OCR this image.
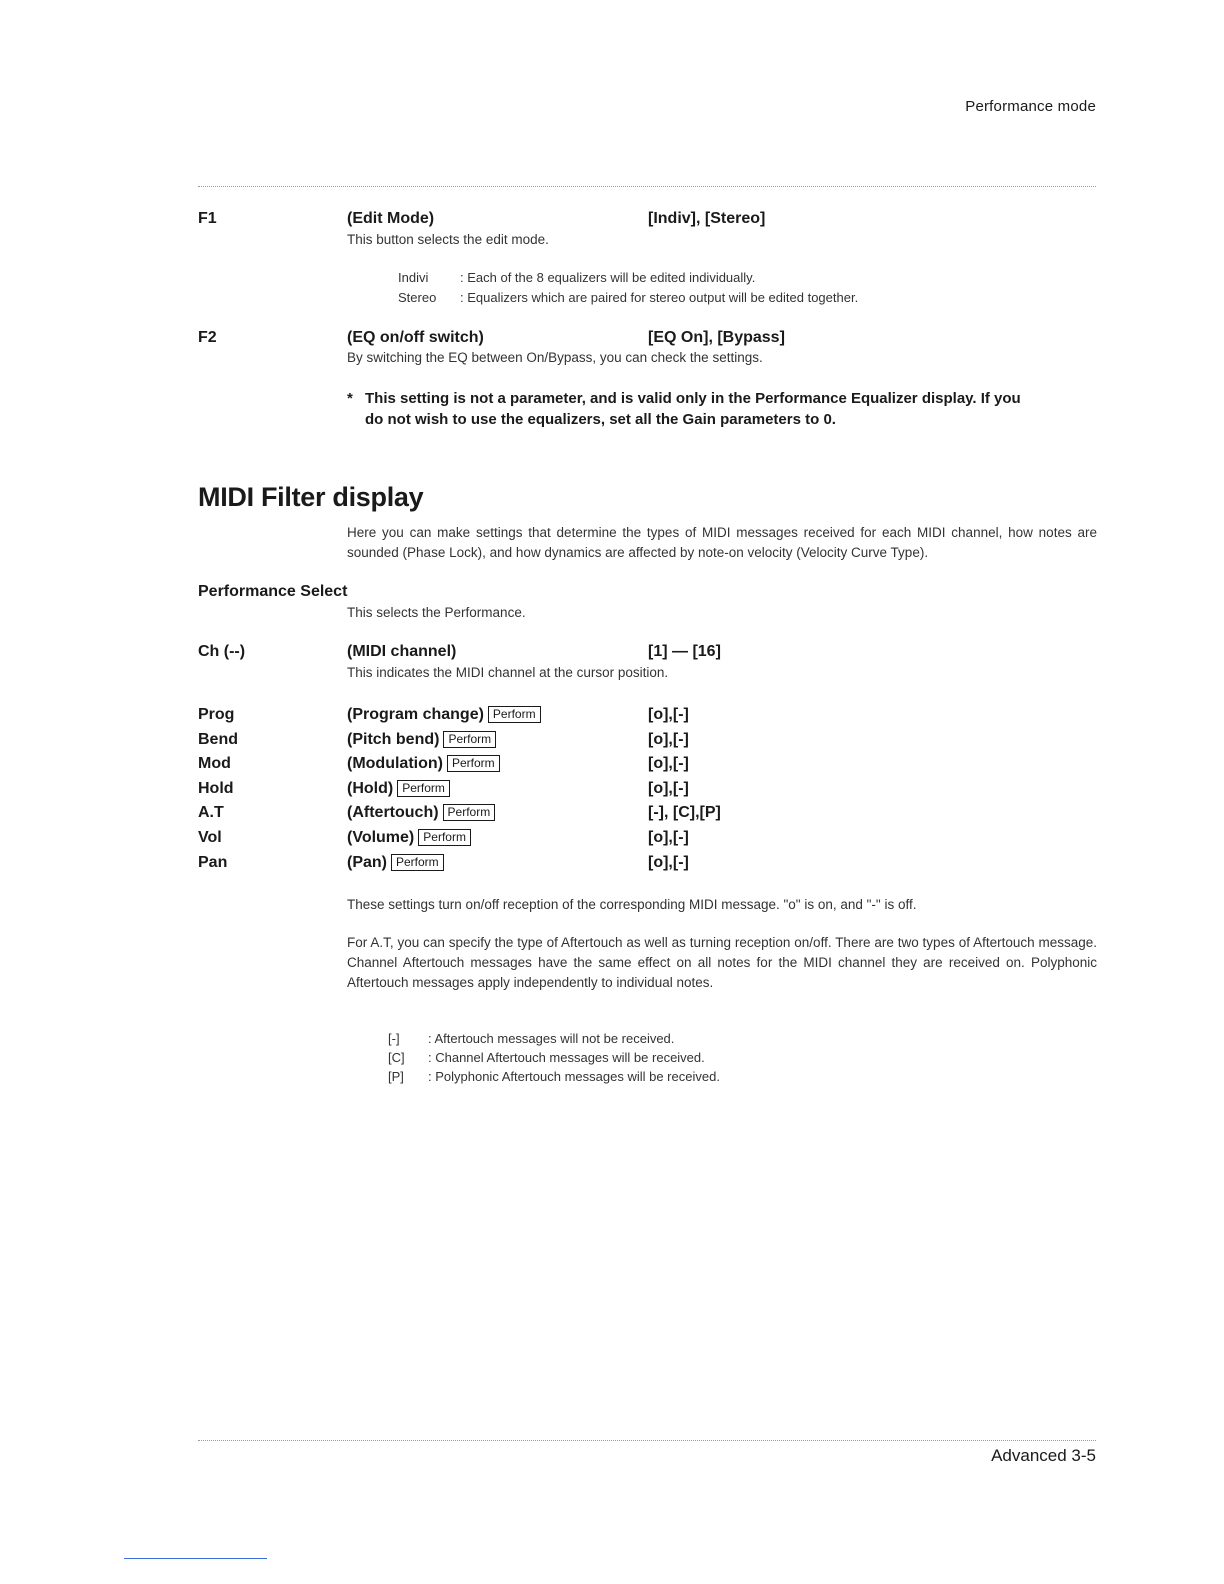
Performance mode
F1	(Edit Mode)	[Indiv], [Stereo]
This button selects the edit mode.
Indivi : Each of the 8 equalizers will be edited individually.
Stereo : Equalizers which are paired for stereo output will be edited together.
F2	(EQ on/off switch)	[EQ On], [Bypass]
By switching the EQ between On/Bypass, you can check the settings.
* This setting is not a parameter, and is valid only in the Performance Equalizer display. If you
do not wish to use the equalizers, set all the Gain parameters to 0.
MIDI Filter display
Here you can make settings that determine the types of MIDI messages received for each MIDI channel, how notes are sounded (Phase Lock), and how dynamics are affected by note-on velocity (Velocity Curve Type).
Performance Select
This selects the Performance.
Ch (--)	(MIDI channel)	[1] — [16]
This indicates the MIDI channel at the cursor position.
Prog	(Program change) Perform	[o],[-]
Bend	(Pitch bend) Perform	[o],[-]
Mod	(Modulation) Perform	[o],[-]
Hold	(Hold) Perform	[o],[-]
A.T	(Aftertouch) Perform	[-], [C],[P]
Vol	(Volume) Perform	[o],[-]
Pan	(Pan) Perform	[o],[-]
These settings turn on/off reception of the corresponding MIDI message. "o" is on, and "-" is off.
For A.T, you can specify the type of Aftertouch as well as turning reception on/off. There are two types of Aftertouch message. Channel Aftertouch messages have the same effect on all notes for the MIDI channel they are received on. Polyphonic Aftertouch messages apply independently to individual notes.
[-] : Aftertouch messages will not be received.
[C] : Channel Aftertouch messages will be received.
[P] : Polyphonic Aftertouch messages will be received.
Advanced 3-5
